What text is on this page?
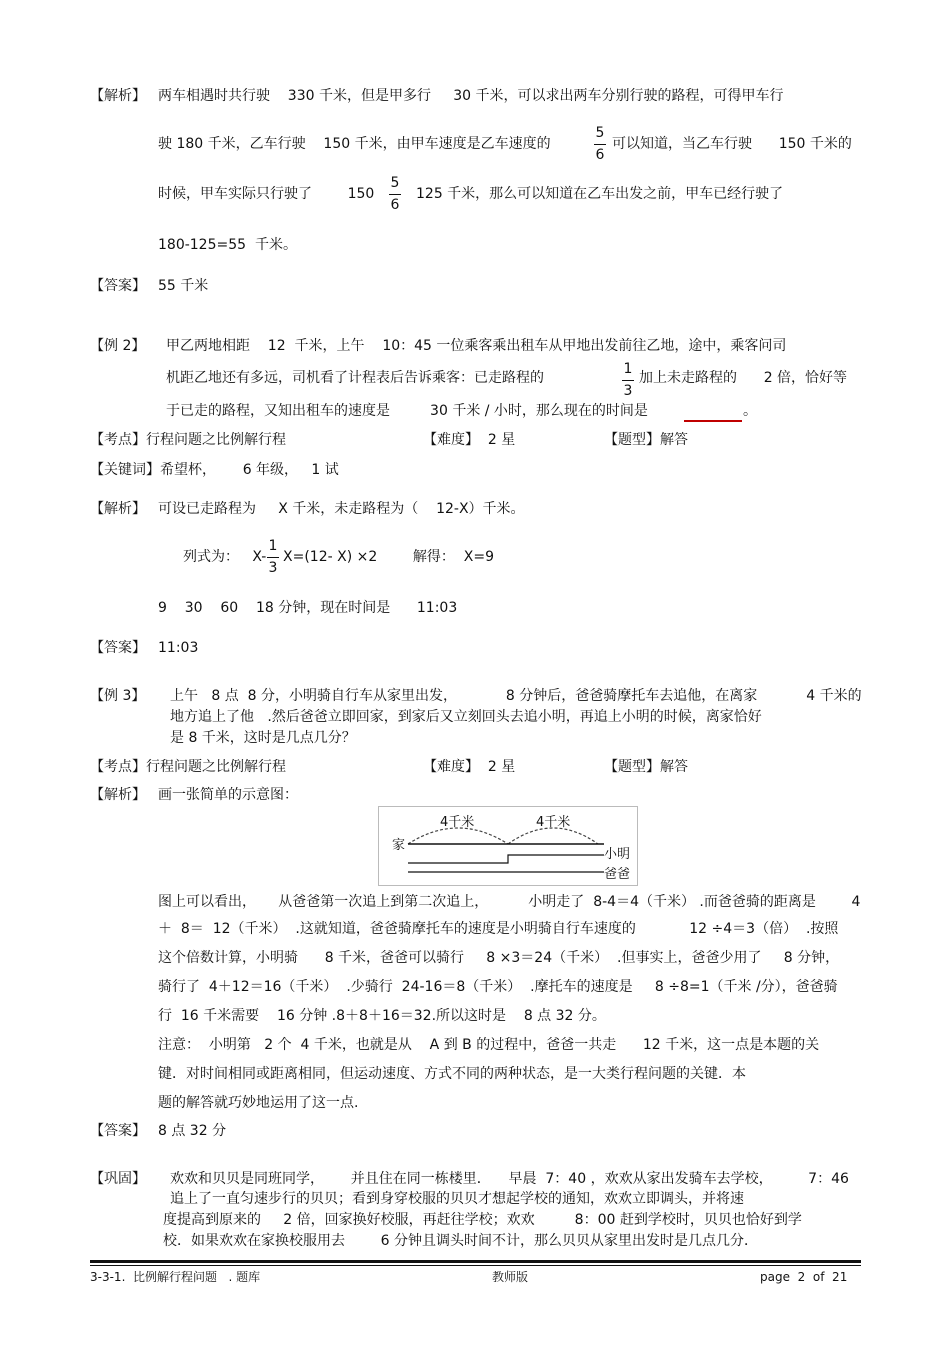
【解析】 两车相遇时共行驶    330 千米，但是甲多行     30 千米，可以求出两车分别行驶的路程，可得甲车行
驶 180 千米，乙车行驶    150 千米，由甲车速度是乙车速度的
5
6
可以知道，当乙车行驶      150 千米的
时候，甲车实际只行驶了        150
5
6
125 千米，那么可以知道在乙车出发之前，甲车已经行驶了
180-125=55  千米。
【答案】 55 千米
【例 2】 甲乙两地相距    12  千米，上午    10：45 一位乘客乘出租车从甲地出发前往乙地，途中，乘客问司
机距乙地还有多远，司机看了计程表后告诉乘客：已走路程的
1
3
加上未走路程的      2 倍，恰好等
于已走的路程，又知出租车的速度是         30 千米 / 小时，那么现在的时间是	。
【考点】行程问题之比例解行程	【难度】  2 星	【题型】解答
【关键词】希望杯，      6 年级，   1 试
【解析】 可设已走路程为     X 千米，未走路程为（    12-X）千米。
列式为：   X-
1
3
X=(12- X) ×2        解得：  X=9
9    30    60    18 分钟，现在时间是      11:03
【答案】 11:03
【例 3】 上午   8 点  8 分，小明骑自行车从家里出发，           8 分钟后，爸爸骑摩托车去追他，在离家           4 千米的
地方追上了他   .然后爸爸立即回家，到家后又立刻回头去追小明，再追上小明的时候，离家恰好
是 8 千米，这时是几点几分？
【考点】行程问题之比例解行程	【难度】  2 星	【题型】解答
【解析】 画一张简单的示意图：
家
4千米	4千米
小明
爸爸
图上可以看出，     从爸爸第一次追上到第二次追上，         小明走了  8-4＝4（千米） .而爸爸骑的距离是        4
＋  8＝  12（千米）  .这就知道，爸爸骑摩托车的速度是小明骑自行车速度的            12 ÷4＝3（倍）  .按照
这个倍数计算，小明骑      8 千米，爸爸可以骑行     8 ×3＝24（千米）  .但事实上，爸爸少用了     8 分钟，
骑行了  4＋12＝16（千米）  .少骑行  24-16＝8（千米）  .摩托车的速度是     8 ÷8=1（千米 /分），爸爸骑
行  16 千米需要    16 分钟 .8＋8＋16＝32.所以这时是    8 点 32 分。
注意：  小明第   2 个  4 千米，也就是从    A 到 B 的过程中，爸爸一共走      12 千米，这一点是本题的关
键．对时间相同或距离相同，但运动速度、方式不同的两种状态，是一大类行程问题的关键．本
题的解答就巧妙地运用了这一点.
【答案】 8 点 32 分
【巩固】 欢欢和贝贝是同班同学，      并且住在同一栋楼里．    早晨  7：40 ，欢欢从家出发骑车去学校，        7：46
追上了一直匀速步行的贝贝；看到身穿校服的贝贝才想起学校的通知，欢欢立即调头，并将速
度提高到原来的     2 倍，回家换好校服，再赶往学校；欢欢         8：00 赶到学校时，贝贝也恰好到学
校．如果欢欢在家换校服用去        6 分钟且调头时间不计，那么贝贝从家里出发时是几点几分．
3-3-1.  比例解行程问题   . 题库	教师版	page  2  of  21
